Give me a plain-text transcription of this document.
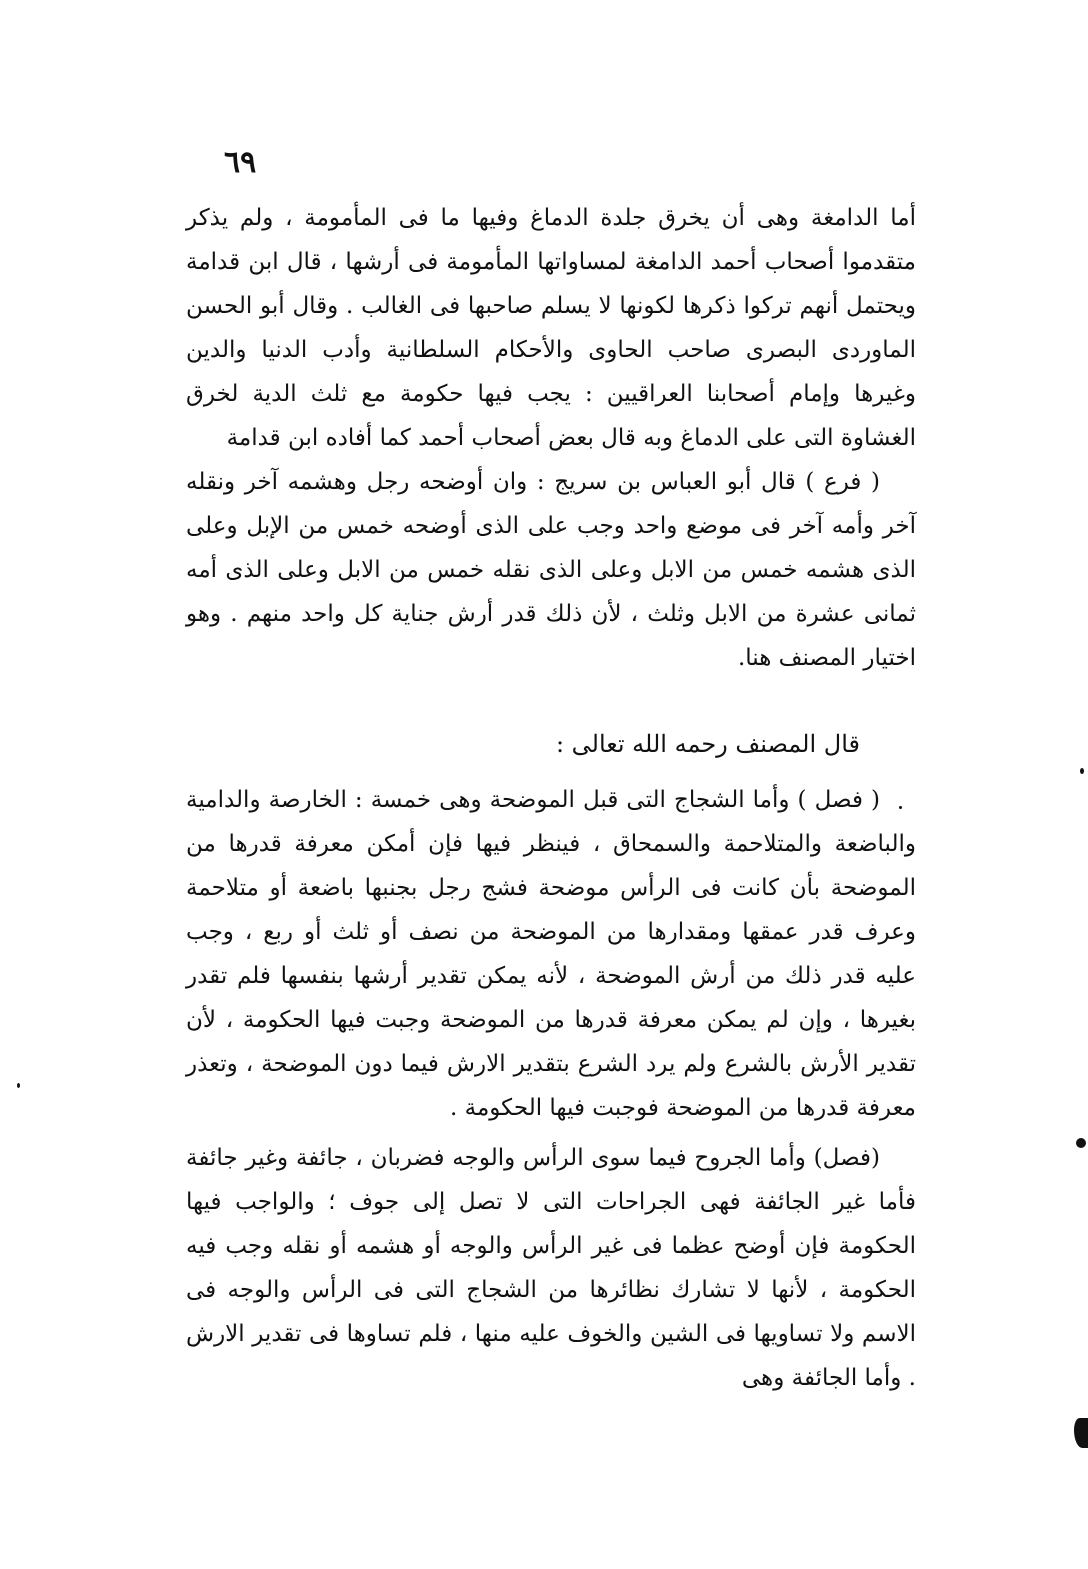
٦٩

أما الدامغة وهى أن يخرق جلدة الدماغ وفيها ما فى المأمومة ، ولم يذكر متقدموا أصحاب أحمد الدامغة لمساواتها المأمومة فى أرشها ، قال ابن قدامة ويحتمل أنهم تركوا ذكرها لكونها لا يسلم صاحبها فى الغالب . وقال أبو الحسن الماوردى البصرى صاحب الحاوى والأحكام السلطانية وأدب الدنيا والدين وغيرها وإمام أصحابنا العراقيين : يجب فيها حكومة مع ثلث الدية لخرق الغشاوة التى على الدماغ وبه قال بعض أصحاب أحمد كما أفاده ابن قدامة

( فرع ) قال أبو العباس بن سريج : وان أوضحه رجل وهشمه آخر ونقله آخر وأمه آخر فى موضع واحد وجب على الذى أوضحه خمس من الإبل وعلى الذى هشمه خمس من الابل وعلى الذى نقله خمس من الابل وعلى الذى أمه ثمانى عشرة من الابل وثلث ، لأن ذلك قدر أرش جناية كل واحد منهم . وهو اختيار المصنف هنا.

قال المصنف رحمه الله تعالى :

( فصل ) وأما الشجاج التى قبل الموضحة وهى خمسة : الخارصة والدامية والباضعة والمتلاحمة والسمحاق ، فينظر فيها فإن أمكن معرفة قدرها من الموضحة بأن كانت فى الرأس موضحة فشج رجل بجنبها باضعة أو متلاحمة وعرف قدر عمقها ومقدارها من الموضحة من نصف أو ثلث أو ربع ، وجب عليه قدر ذلك من أرش الموضحة ، لأنه يمكن تقدير أرشها بنفسها فلم تقدر بغيرها ، وإن لم يمكن معرفة قدرها من الموضحة وجبت فيها الحكومة ، لأن تقدير الأرش بالشرع ولم يرد الشرع بتقدير الارش فيما دون الموضحة ، وتعذر معرفة قدرها من الموضحة فوجبت فيها الحكومة .

(فصل) وأما الجروح فيما سوى الرأس والوجه فضربان ، جائفة وغير جائفة فأما غير الجائفة فهى الجراحات التى لا تصل إلى جوف ؛ والواجب فيها الحكومة فإن أوضح عظما فى غير الرأس والوجه أو هشمه أو نقله وجب فيه الحكومة ، لأنها لا تشارك نظائرها من الشجاج التى فى الرأس والوجه فى الاسم ولا تساويها فى الشين والخوف عليه منها ، فلم تساوها فى تقدير الارش . وأما الجائفة وهى
